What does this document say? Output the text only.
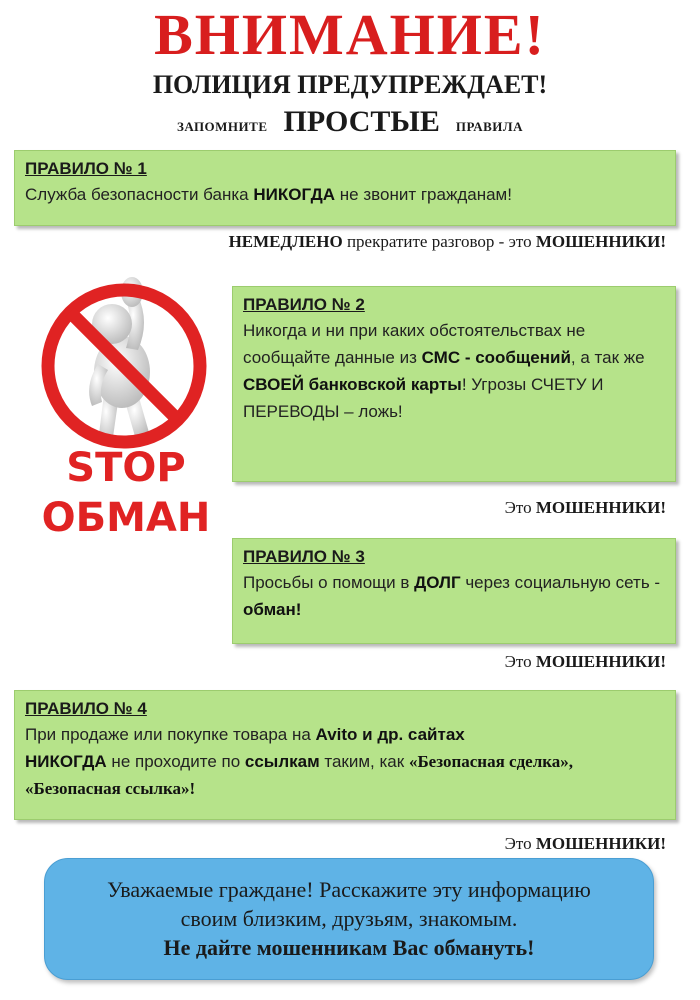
ВНИМАНИЕ!
ПОЛИЦИЯ ПРЕДУПРЕЖДАЕТ!
ЗАПОМНИТЕ ПРОСТЫЕ ПРАВИЛА
ПРАВИЛО № 1
Служба безопасности банка НИКОГДА не звонит гражданам!
НЕМЕДЛЕНО прекратите разговор - это МОШЕННИКИ!
STOP
ОБМАН
ПРАВИЛО № 2
Никогда и ни при каких обстоятельствах не сообщайте данные из СМС - сообщений, а так же СВОЕЙ банковской карты! Угрозы СЧЕТУ И ПЕРЕВОДЫ – ложь!
Это МОШЕННИКИ!
ПРАВИЛО № 3
Просьбы о помощи в ДОЛГ через социальную сеть - обман!
Это МОШЕННИКИ!
ПРАВИЛО № 4
При продаже или покупке товара на Avito и др. сайтах
НИКОГДА не проходите по ссылкам таким, как «Безопасная сделка», «Безопасная ссылка»!
Это МОШЕННИКИ!
Уважаемые граждане! Расскажите эту информацию
своим близким, друзьям, знакомым.
Не дайте мошенникам Вас обмануть!
